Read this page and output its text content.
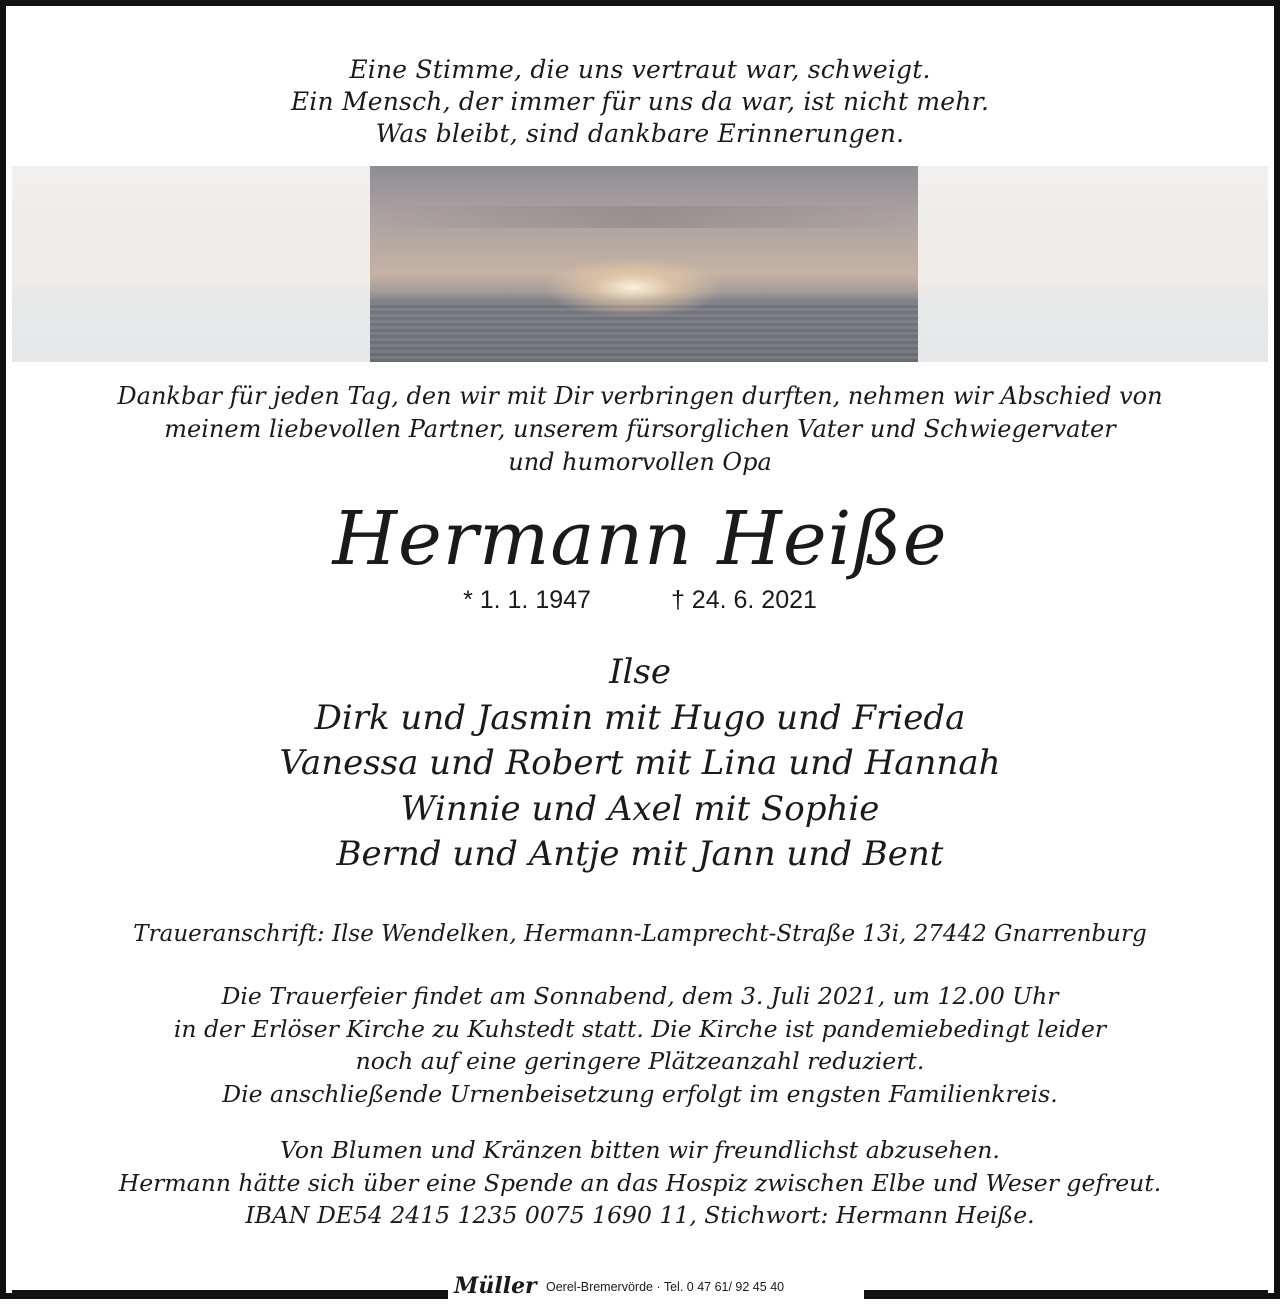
Eine Stimme, die uns vertraut war, schweigt.
Ein Mensch, der immer für uns da war, ist nicht mehr.
Was bleibt, sind dankbare Erinnerungen.
Dankbar für jeden Tag, den wir mit Dir verbringen durften, nehmen wir Abschied von
meinem liebevollen Partner, unserem fürsorglichen Vater und Schwiegervater
und humorvollen Opa
Hermann Heiße
* 1. 1. 1947	† 24. 6. 2021
Ilse
Dirk und Jasmin mit Hugo und Frieda
Vanessa und Robert mit Lina und Hannah
Winnie und Axel mit Sophie
Bernd und Antje mit Jann und Bent
Traueranschrift: Ilse Wendelken, Hermann-Lamprecht-Straße 13i, 27442 Gnarrenburg
Die Trauerfeier findet am Sonnabend, dem 3. Juli 2021, um 12.00 Uhr
in der Erlöser Kirche zu Kuhstedt statt. Die Kirche ist pandemiebedingt leider
noch auf eine geringere Plätzeanzahl reduziert.
Die anschließende Urnenbeisetzung erfolgt im engsten Familienkreis.
Von Blumen und Kränzen bitten wir freundlichst abzusehen.
Hermann hätte sich über eine Spende an das Hospiz zwischen Elbe und Weser gefreut.
IBAN DE54 2415 1235 0075 1690 11, Stichwort: Hermann Heiße.
Müller Oerel-Bremervörde · Tel. 0 47 61/ 92 45 40
